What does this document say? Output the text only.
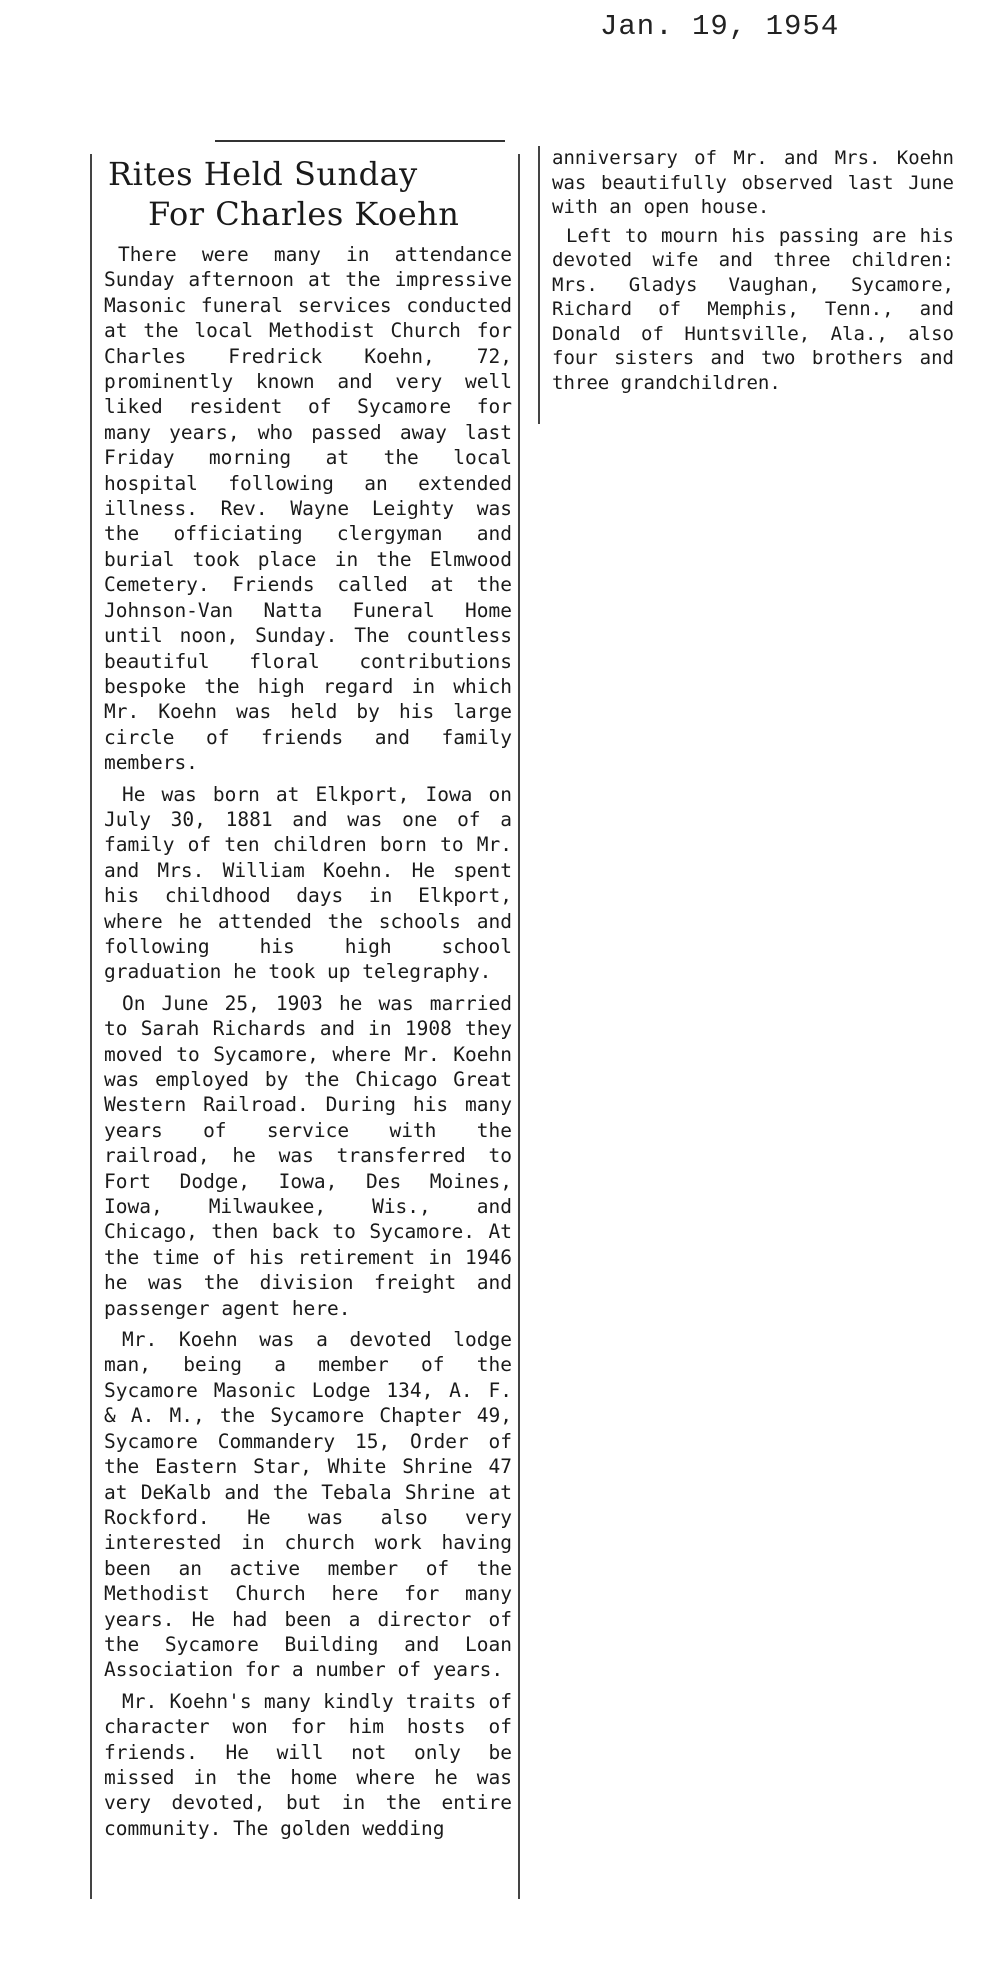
Jan. 19, 1954
Rites Held Sunday
For Charles Koehn

There were many in attendance Sunday afternoon at the impressive Masonic funeral services conducted at the local Methodist Church for Charles Fredrick Koehn, 72, prominently known and very well liked resident of Sycamore for many years, who passed away last Friday morning at the local hospital following an extended illness. Rev. Wayne Leighty was the officiating clergyman and burial took place in the Elmwood Cemetery. Friends called at the Johnson-Van Natta Funeral Home until noon, Sunday. The countless beautiful floral contributions bespoke the high regard in which Mr. Koehn was held by his large circle of friends and family members.

He was born at Elkport, Iowa on July 30, 1881 and was one of a family of ten children born to Mr. and Mrs. William Koehn. He spent his childhood days in Elkport, where he attended the schools and following his high school graduation he took up telegraphy.

On June 25, 1903 he was married to Sarah Richards and in 1908 they moved to Sycamore, where Mr. Koehn was employed by the Chicago Great Western Railroad. During his many years of service with the railroad, he was transferred to Fort Dodge, Iowa, Des Moines, Iowa, Milwaukee, Wis., and Chicago, then back to Sycamore. At the time of his retirement in 1946 he was the division freight and passenger agent here.

Mr. Koehn was a devoted lodge man, being a member of the Sycamore Masonic Lodge 134, A. F. & A. M., the Sycamore Chapter 49, Sycamore Commandery 15, Order of the Eastern Star, White Shrine 47 at DeKalb and the Tebala Shrine at Rockford. He was also very interested in church work having been an active member of the Methodist Church here for many years. He had been a director of the Sycamore Building and Loan Association for a number of years.

Mr. Koehn's many kindly traits of character won for him hosts of friends. He will not only be missed in the home where he was very devoted, but in the entire community. The golden wedding

anniversary of Mr. and Mrs. Koehn was beautifully observed last June with an open house.

Left to mourn his passing are his devoted wife and three children: Mrs. Gladys Vaughan, Sycamore, Richard of Memphis, Tenn., and Donald of Huntsville, Ala., also four sisters and two brothers and three grandchildren.
